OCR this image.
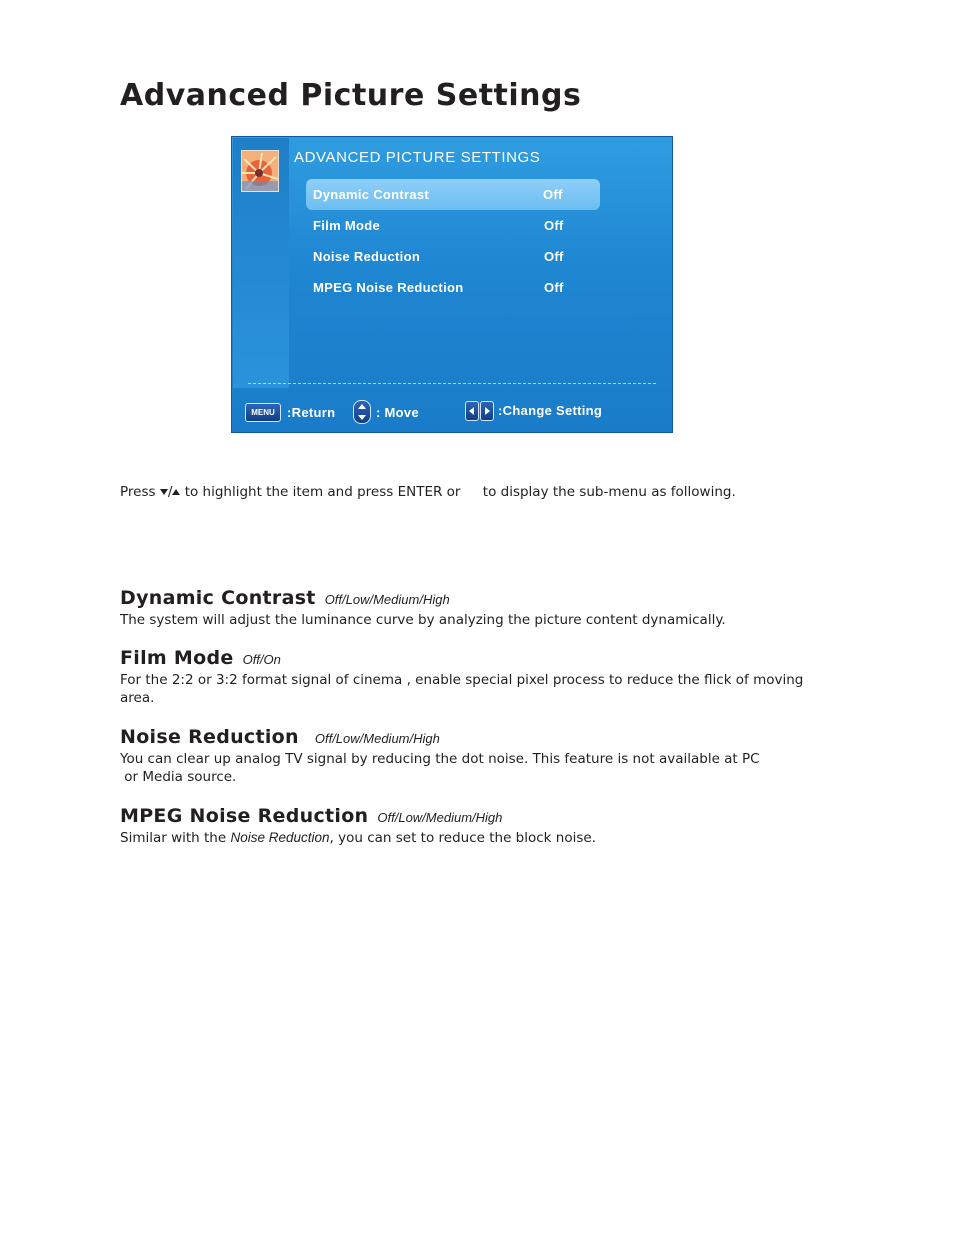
Advanced Picture Settings
ADVANCED PICTURE SETTINGS
Dynamic Contrast	Off
Film Mode	Off
Noise Reduction	Off
MPEG Noise Reduction	Off
MENU :Return	: Move	:Change Setting
Press / to highlight the item and press ENTER or to display the sub-menu as following.
Dynamic Contrast Off/Low/Medium/High
The system will adjust the luminance curve by analyzing the picture content dynamically.
Film Mode Off/On
For the 2:2 or 3:2 format signal of cinema , enable special pixel process to reduce the flick of moving area.
Noise Reduction Off/Low/Medium/High
You can clear up analog TV signal by reducing the dot noise. This feature is not available at PC
or Media source.
MPEG Noise Reduction Off/Low/Medium/High
Similar with the Noise Reduction, you can set to reduce the block noise.
